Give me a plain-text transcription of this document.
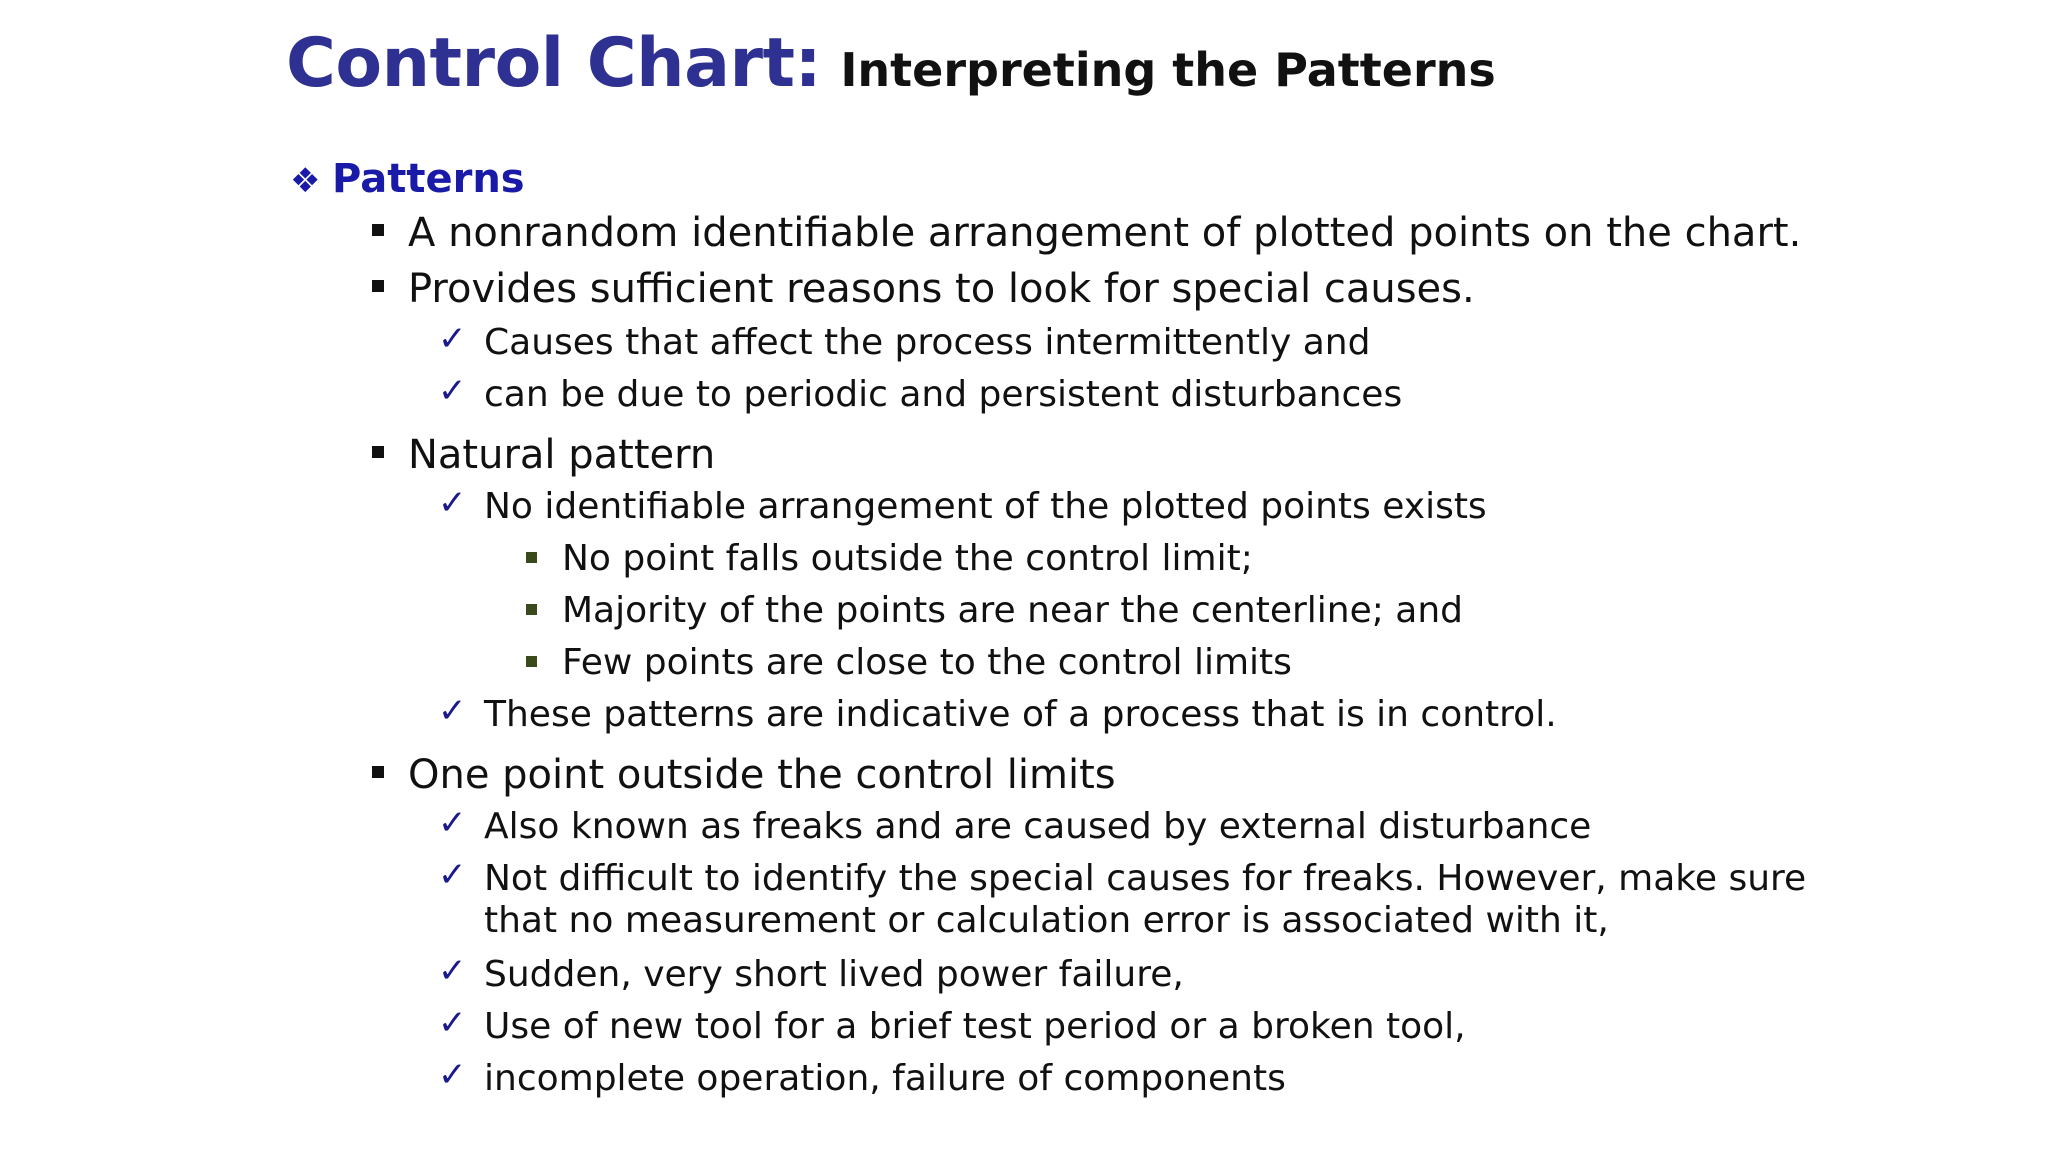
Control Chart: Interpreting the Patterns
❖ Patterns
A nonrandom identifiable arrangement of plotted points on the chart.
Provides sufficient reasons to look for special causes.
✓ Causes that affect the process intermittently and
✓ can be due to periodic and persistent disturbances
Natural pattern
✓ No identifiable arrangement of the plotted points exists
No point falls outside the control limit;
Majority of the points are near the centerline; and
Few points are close to the control limits
✓ These patterns are indicative of a process that is in control.
One point outside the control limits
✓ Also known as freaks and are caused by external disturbance
✓ Not difficult to identify the special causes for freaks. However, make sure
that no measurement or calculation error is associated with it,
✓ Sudden, very short lived power failure,
✓ Use of new tool for a brief test period or a broken tool,
✓ incomplete operation, failure of components
